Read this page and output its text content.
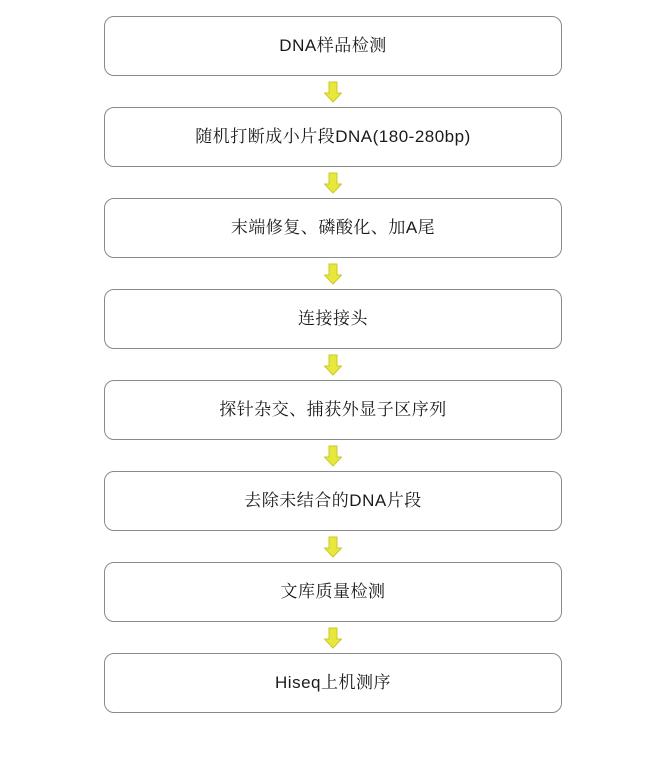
DNA样品检测
随机打断成小片段DNA(180-280bp)
末端修复、磷酸化、加A尾
连接接头
探针杂交、捕获外显子区序列
去除未结合的DNA片段
文库质量检测
Hiseq上机测序
